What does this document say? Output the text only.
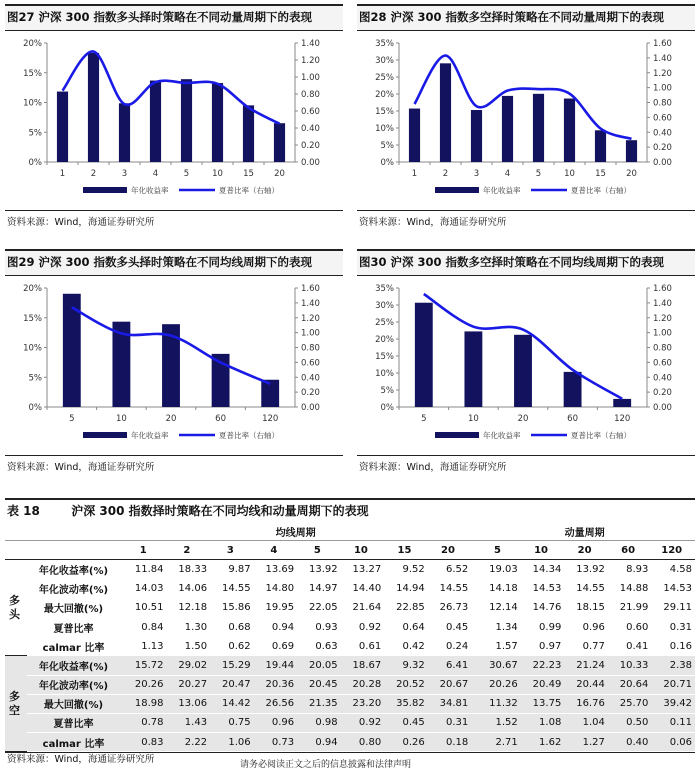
图27 沪深 300 指数多头择时策略在不同动量周期下的表现
0%
5%
10%
15%
20%
0.00
0.20
0.40
0.60
0.80
1.00
1.20
1.40
1	2	3	4	5	10 15 20
年化收益率	夏普比率（右轴）
资料来源：Wind，海通证券研究所
图28 沪深 300 指数多空择时策略在不同动量周期下的表现
0%
5%
10%
15%
20%
25%
30%
35%
0.00
0.20
0.40
0.60
0.80
1.00
1.20
1.40
1.60
1	2	3	4	5	10 15 20
年化收益率	夏普比率（右轴）
资料来源：Wind，海通证券研究所
图29 沪深 300 指数多头择时策略在不同均线周期下的表现
0%
5%
10%
15%
20%
0.00
0.20
0.40
0.60
0.80
1.00
1.20
1.40
1.60
5	10	20	60	120
年化收益率	夏普比率（右轴）
资料来源：Wind，海通证券研究所
图30 沪深 300 指数多空择时策略在不同均线周期下的表现
0%
5%
10%
15%
20%
25%
30%
35%
0.00
0.20
0.40
0.60
0.80
1.00
1.20
1.40
1.60
5	10	20	60	120
年化收益率	夏普比率（右轴）
资料来源：Wind，海通证券研究所
表 18	沪深 300 指数择时策略在不同均线和动量周期下的表现
		均线周期									动量周期				
		1	2	3	4	5	10	15	20		5	10	20	60	120

多
头	年化收益率(%)	11.84	18.33	9.87	13.69	13.92	13.27	9.52	6.52		19.03	14.34	13.92	8.93	4.58
	年化波动率(%)	14.03	14.06	14.55	14.80	14.97	14.40	14.94	14.55		14.18	14.53	14.55	14.88	14.53
	最大回撤(%)	10.51	12.18	15.86	19.95	22.05	21.64	22.85	26.73		12.14	14.76	18.15	21.99	29.11
	夏普比率	0.84	1.30	0.68	0.94	0.93	0.92	0.64	0.45		1.34	0.99	0.96	0.60	0.31
	calmar 比率	1.13	1.50	0.62	0.69	0.63	0.61	0.42	0.24		1.57	0.97	0.77	0.41	0.16

多
空	年化收益率(%)	15.72	29.02	15.29	19.44	20.05	18.67	9.32	6.41		30.67	22.23	21.24	10.33	2.38
	年化波动率(%)	20.26	20.27	20.47	20.36	20.45	20.28	20.52	20.67		20.26	20.49	20.44	20.64	20.71
	最大回撤(%)	18.98	13.06	14.42	26.56	21.35	23.20	35.82	34.81		11.32	13.75	16.76	25.70	39.42
	夏普比率	0.78	1.43	0.75	0.96	0.98	0.92	0.45	0.31		1.52	1.08	1.04	0.50	0.11
	calmar 比率	0.83	2.22	1.06	0.73	0.94	0.80	0.26	0.18		2.71	1.62	1.27	0.40	0.06
资料来源：Wind，海通证券研究所	请务必阅读正文之后的信息披露和法律声明
